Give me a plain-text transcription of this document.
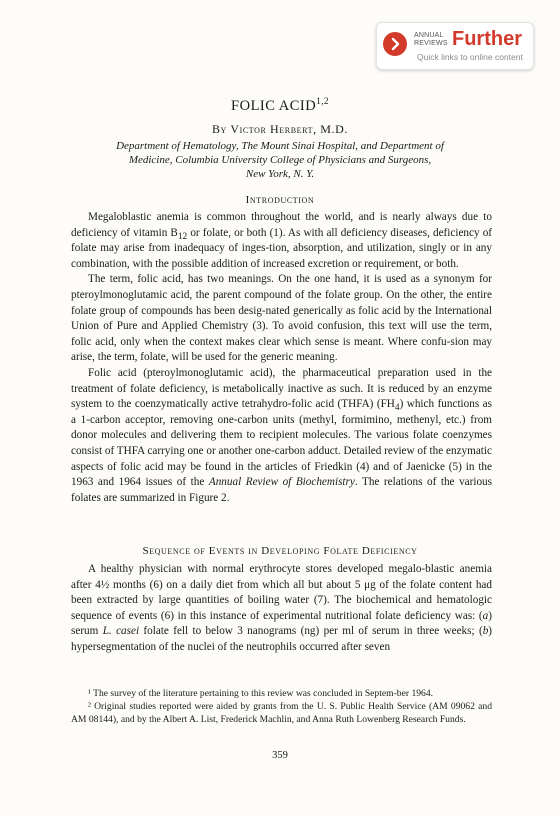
ANNUAL
REVIEWS Further
Quick links to online content
FOLIC ACID$^{1,2}$
By Victor Herbert, M.D.
Department of Hematology, The Mount Sinai Hospital, and Department of
Medicine, Columbia University College of Physicians and Surgeons,
New York, N. Y.
Introduction

Megaloblastic anemia is common throughout the world, and is nearly always due to deficiency of vitamin $B_{12}$ or folate, or both (1). As with all deficiency diseases, deficiency of folate may arise from inadequacy of inges-tion, absorption, and utilization, singly or in any combination, with the possible addition of increased excretion or requirement, or both.

The term, folic acid, has two meanings. On the one hand, it is used as a synonym for pteroylmonoglutamic acid, the parent compound of the folate group. On the other, the entire folate group of compounds has been desig-nated generically as folic acid by the International Union of Pure and Applied Chemistry (3). To avoid confusion, this text will use the term, folic acid, only when the context makes clear which sense is meant. Where confu-sion may arise, the term, folate, will be used for the generic meaning.

Folic acid (pteroylmonoglutamic acid), the pharmaceutical preparation used in the treatment of folate deficiency, is metabolically inactive as such. It is reduced by an enzyme system to the coenzymatically active tetrahydro-folic acid (THFA) $(FH_4)$ which functions as a 1-carbon acceptor, removing one-carbon units (methyl, formimino, methenyl, etc.) from donor molecules and delivering them to recipient molecules. The various folate coenzymes consist of THFA carrying one or another one-carbon adduct. Detailed review of the enzymatic aspects of folic acid may be found in the articles of Friedkin (4) and of Jaenicke (5) in the 1963 and 1964 issues of the Annual Review of Biochemistry. The relations of the various folates are summarized in Figure 2.

Sequence of Events in Developing Folate Deficiency

A healthy physician with normal erythrocyte stores developed megalo-blastic anemia after 4½ months (6) on a daily diet from which all but about 5 μg of the folate content had been extracted by large quantities of boiling water (7). The biochemical and hematologic sequence of events (6) in this instance of experimental nutritional folate deficiency was: (a) serum L. casei folate fell to below 3 nanograms (ng) per ml of serum in three weeks; (b) hypersegmentation of the nuclei of the neutrophils occurred after seven

¹ The survey of the literature pertaining to this review was concluded in Septem-ber 1964.

² Original studies reported were aided by grants from the U. S. Public Health Service (AM 09062 and AM 08144), and by the Albert A. List, Frederick Machlin, and Anna Ruth Lowenberg Research Funds.

359
